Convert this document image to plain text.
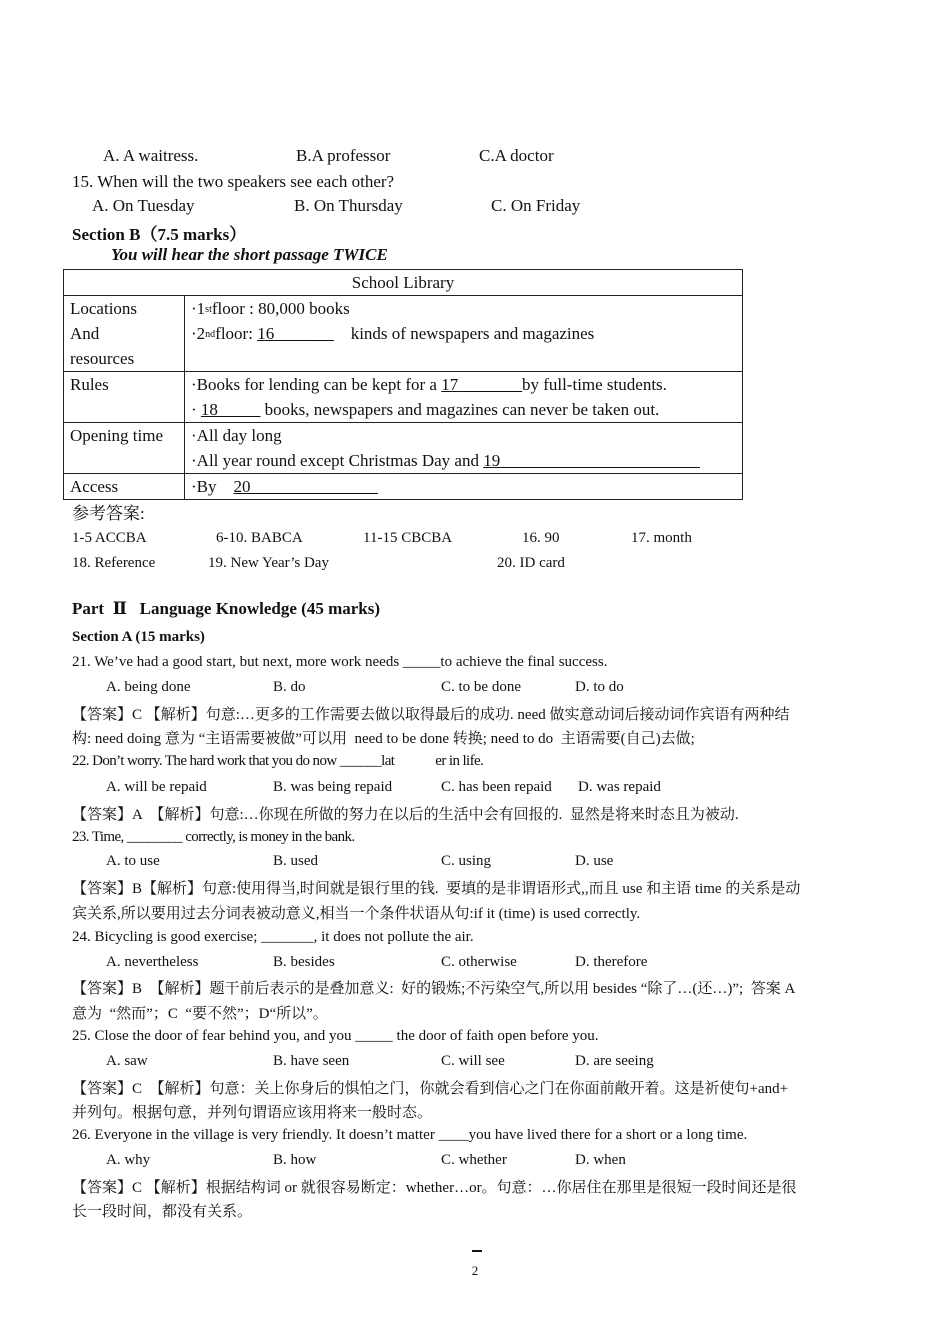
A. A waitress.	B.A professor	C.A doctor
15. When will the two speakers see each other?
A. On Tuesday	B. On Thursday	C. On Friday
Section B（7.5 marks）
You will hear the short passage TWICE
School Library	

Locations
And
resources	·1stfloor : 80,000 books
·2ndfloor: 16        ___    kinds of newspapers and magazines

Rules	·Books for lending can be kept for a 17     _____by full-time students.
· 18        _ books, newspapers and magazines can never be taken out.

Opening time	·All day long
·All year round except Christmas Day and 19

Access	·By    20
参考答案:
1-5 ACCBA	6-10. BABCA	11-15 CBCBA	16. 90	17. month
18. Reference	19. New Year’s Day	20. ID card
Part  Ⅱ   Language Knowledge (45 marks)
Section A (15 marks)
21. We’ve had a good start, but next, more work needs _____to achieve the final success.
A. being done	B. do	C. to be done	D. to do
【答案】C 【解析】句意:…更多的工作需要去做以取得最后的成功. need 做实意动词后接动词作宾语有两种结
构: need doing 意为 “主语需要被做”可以用  need to be done 转换; need to do  主语需要(自己)去做;
22. Don’t worry. The hard work that you do now ______lat             er in life.
A. will be repaid	B. was being repaid	C. has been repaid D. was repaid
【答案】A  【解析】句意:…你现在所做的努力在以后的生活中会有回报的.  显然是将来时态且为被动.
23. Time, ________ correctly, is money in the bank.
A. to use	B. used	C. using	D. use
【答案】B【解析】句意:使用得当,时间就是银行里的钱.  要填的是非谓语形式,,而且 use 和主语 time 的关系是动
宾关系,所以要用过去分词表被动意义,相当一个条件状语从句:if it (time) is used correctly.
24. Bicycling is good exercise; _______, it does not pollute the air.
A. nevertheless	B. besides	C. otherwise	D. therefore
【答案】B  【解析】题干前后表示的是叠加意义:  好的锻炼;不污染空气,所以用 besides “除了…(还…)”;  答案 A
意为  “然而”；C  “要不然”；D“所以”。
25. Close the door of fear behind you, and you _____ the door of faith open before you.
A. saw	B. have seen	C. will see	D. are seeing
【答案】C  【解析】句意：关上你身后的惧怕之门，你就会看到信心之门在你面前敞开着。这是祈使句+and+
并列句。根据句意，并列句谓语应该用将来一般时态。
26. Everyone in the village is very friendly. It doesn’t matter ____you have lived there for a short or a long time.
A. why	B. how	C. whether	D. when
【答案】C 【解析】根据结构词 or 就很容易断定：whether…or。句意：…你居住在那里是很短一段时间还是很
长一段时间，都没有关系。
2
